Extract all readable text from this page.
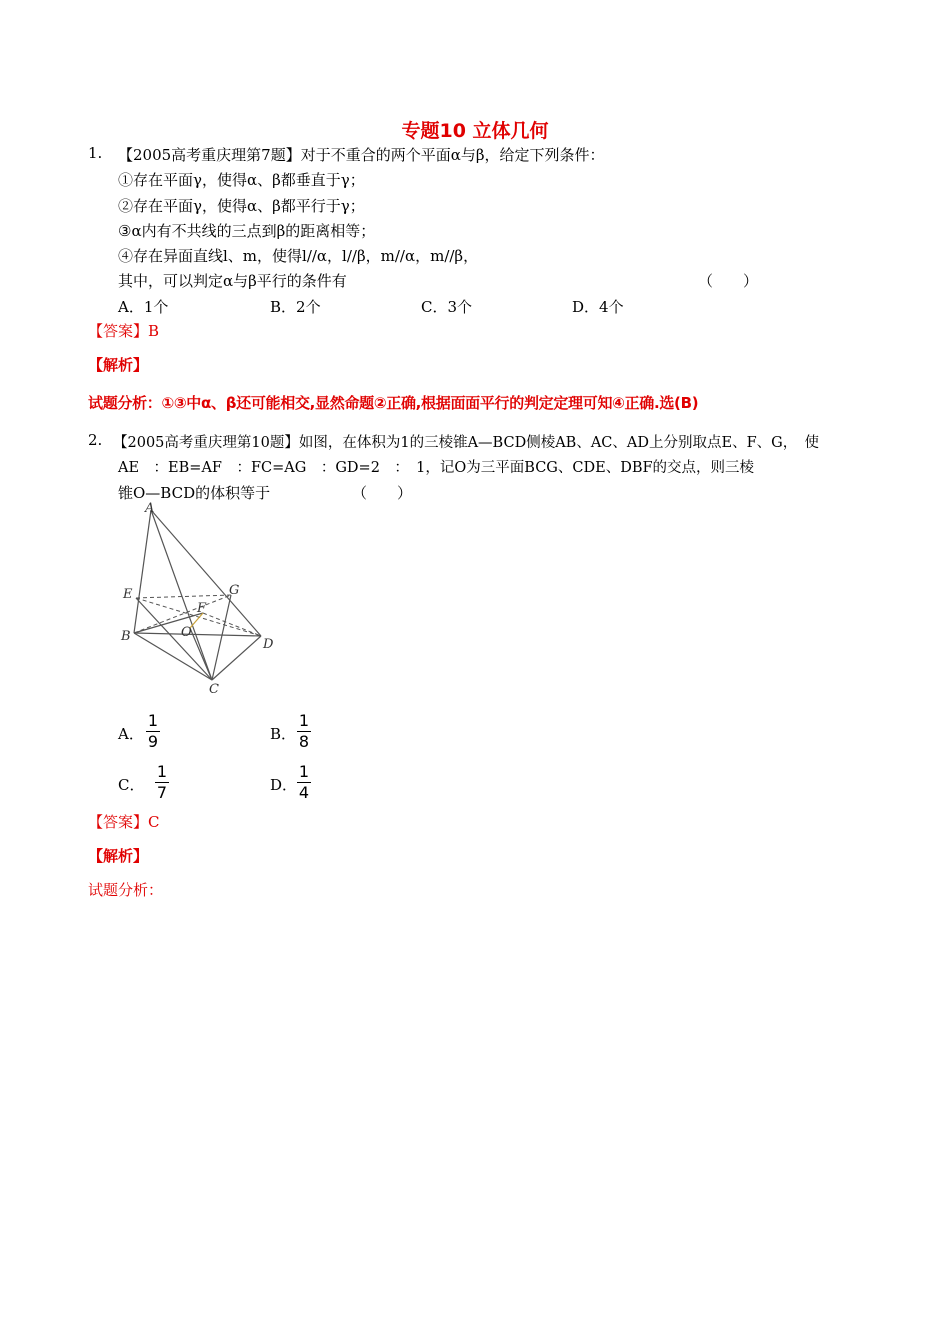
专题10 立体几何
1. 【2005高考重庆理第7题】对于不重合的两个平面α与β，给定下列条件：
①存在平面γ，使得α、β都垂直于γ；
②存在平面γ，使得α、β都平行于γ；
③α内有不共线的三点到β的距离相等；
④存在异面直线l、m，使得l//α，l//β，m//α，m//β，
其中，可以判定α与β平行的条件有	（　　）
A．1个	B．2个	C．3个	D．4个
【答案】B
【解析】
试题分析：①③中α、β还可能相交,显然命题②正确,根据面面平行的判定定理可知④正确.选(B)
2. 【2005高考重庆理第10题】如图，在体积为1的三棱锥A—BCD侧棱AB、AC、AD上分别取点E、F、G，　使
AE　：EB=AF　：FC=AG　：GD=2　：　1，记O为三平面BCG、CDE、DBF的交点，则三棱
锥O—BCD的体积等于	（　　）
A
E	G
F
B	O
D
C
A．
1
9	B．
1
8
C．
1
7	D．
1
4
【答案】C
【解析】
试题分析：
